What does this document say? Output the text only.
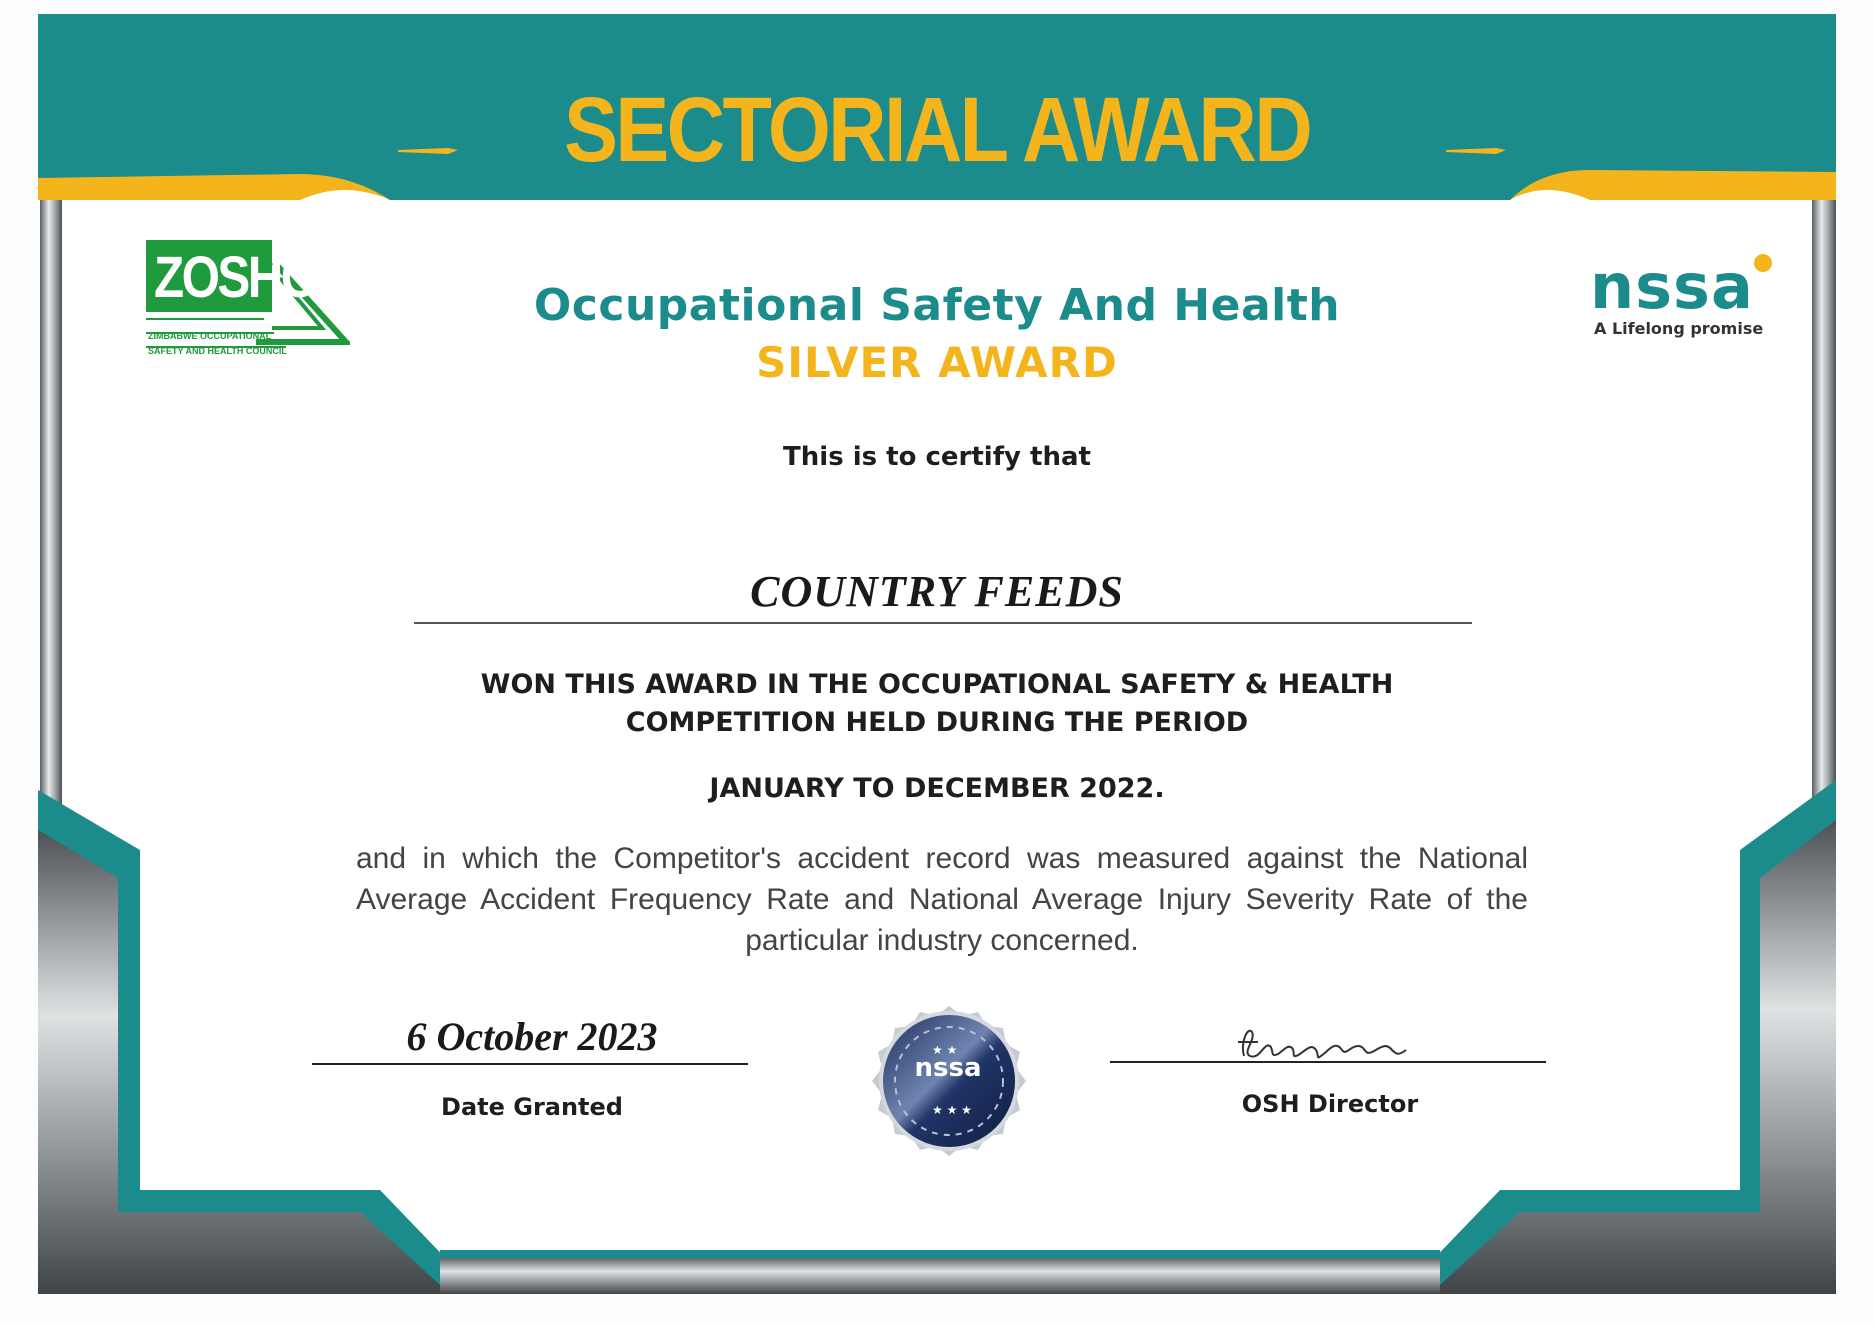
ZOSHC
ZIMBABWE OCCUPATIONAL
SAFETY AND HEALTH COUNCIL
nssa
A Lifelong promise
SECTORIAL AWARD
Occupational Safety And Health
SILVER AWARD
This is to certify that
COUNTRY FEEDS
WON THIS AWARD IN THE OCCUPATIONAL SAFETY & HEALTH
COMPETITION HELD DURING THE PERIOD
JANUARY TO DECEMBER 2022.
and in which the Competitor's accident record was measured against the National Average Accident Frequency Rate and National Average Injury Severity Rate of the particular industry concerned.
6 October 2023
Date Granted
★ ★
★ ★ ★
nssa
OSH Director
